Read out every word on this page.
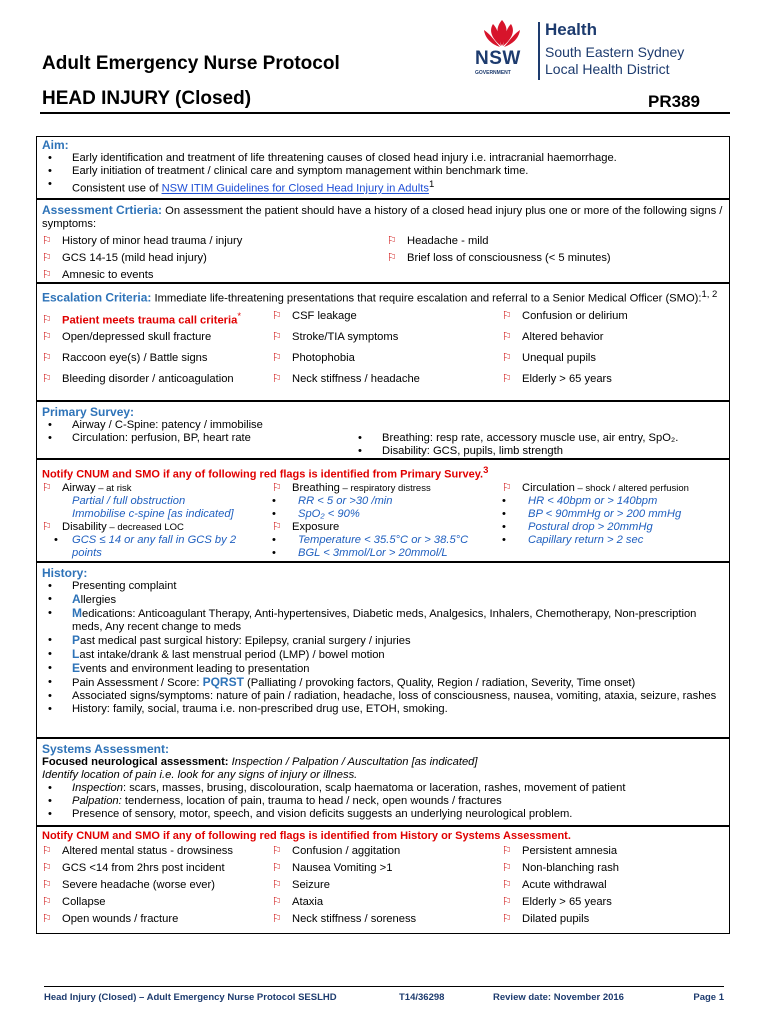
Adult Emergency Nurse Protocol
HEAD INJURY (Closed)	PR389
NSW
GOVERNMENT
Health
South Eastern Sydney
Local Health District
Aim:
• Early identification and treatment of life threatening causes of closed head injury i.e. intracranial haemorrhage.
• Early initiation of treatment / clinical care and symptom management within benchmark time.
• Consistent use of NSW ITIM Guidelines for Closed Head Injury in Adults$^1$
Assessment Crtieria: On assessment the patient should have a history of a closed head injury plus one or more of the following signs / symptoms:
⚐ History of minor head trauma / injury
⚐ GCS 14-15 (mild head injury)
⚐ Amnesic to events
⚐ Headache - mild
⚐ Brief loss of consciousness (< 5 minutes)
Escalation Criteria: Immediate life-threatening presentations that require escalation and referral to a Senior Medical Officer (SMO):$^{1, 2}$
⚐ Patient meets trauma call criteria*
⚐ Open/depressed skull fracture
⚐ Raccoon eye(s) / Battle signs
⚐ Bleeding disorder / anticoagulation
⚐ CSF leakage
⚐ Stroke/TIA symptoms
⚐ Photophobia
⚐ Neck stiffness / headache
⚐ Confusion or delirium
⚐ Altered behavior
⚐ Unequal pupils
⚐ Elderly > 65 years
Primary Survey:
• Airway / C-Spine: patency / immobilise
• Circulation: perfusion, BP, heart rate
•	Breathing: resp rate, accessory muscle use, air entry, SpO₂.
• Disability: GCS, pupils, limb strength
Notify CNUM and SMO if any of following red flags is identified from Primary Survey.$^3$
⚐ Airway – at risk
Partial / full obstruction
Immobilise c-spine [as indicated]
⚐ Disability – decreased LOC
• GCS ≤ 14 or any fall in GCS by 2
points
⚐ Breathing – respiratory distress
• RR < 5 or >30 /min
• SpO₂ < 90%
⚐ Exposure
• Temperature < 35.5°C or > 38.5°C
• BGL < 3mmol/Lor > 20mmol/L
⚐ Circulation – shock / altered perfusion
• HR < 40bpm or > 140bpm
• BP < 90mmHg or > 200 mmHg
• Postural drop > 20mmHg
• Capillary return > 2 sec
History:
• Presenting complaint
• Allergies
• Medications: Anticoagulant Therapy, Anti-hypertensives, Diabetic meds, Analgesics, Inhalers, Chemotherapy, Non-prescription meds, Any recent change to meds
• Past medical past surgical history: Epilepsy, cranial surgery / injuries
• Last intake/drank & last menstrual period (LMP) / bowel motion
• Events and environment leading to presentation
• Pain Assessment / Score: PQRST (Palliating / provoking factors, Quality, Region / radiation, Severity, Time onset)
• Associated signs/symptoms: nature of pain / radiation, headache, loss of consciousness, nausea, vomiting, ataxia, seizure, rashes
• History: family, social, trauma i.e. non-prescribed drug use, ETOH, smoking.
Systems Assessment:
Focused neurological assessment: Inspection / Palpation / Auscultation [as indicated]
Identify location of pain i.e. look for any signs of injury or illness.
• Inspection: scars, masses, brusing, discolouration, scalp haematoma or laceration, rashes, movement of patient
• Palpation: tenderness, location of pain, trauma to head / neck, open wounds / fractures
• Presence of sensory, motor, speech, and vision deficits suggests an underlying neurological problem.
Notify CNUM and SMO if any of following red flags is identified from History or Systems Assessment.
⚐ Altered mental status - drowsiness
⚐ GCS <14 from 2hrs post incident
⚐ Severe headache (worse ever)
⚐ Collapse
⚐ Open wounds / fracture
⚐ Confusion / aggitation
⚐ Nausea Vomiting >1
⚐ Seizure
⚐ Ataxia
⚐ Neck stiffness / soreness
⚐ Persistent amnesia
⚐ Non-blanching rash
⚐ Acute withdrawal
⚐ Elderly > 65 years
⚐ Dilated pupils
Head Injury (Closed) – Adult Emergency Nurse Protocol SESLHD	T14/36298	Review date: November 2016	Page 1
